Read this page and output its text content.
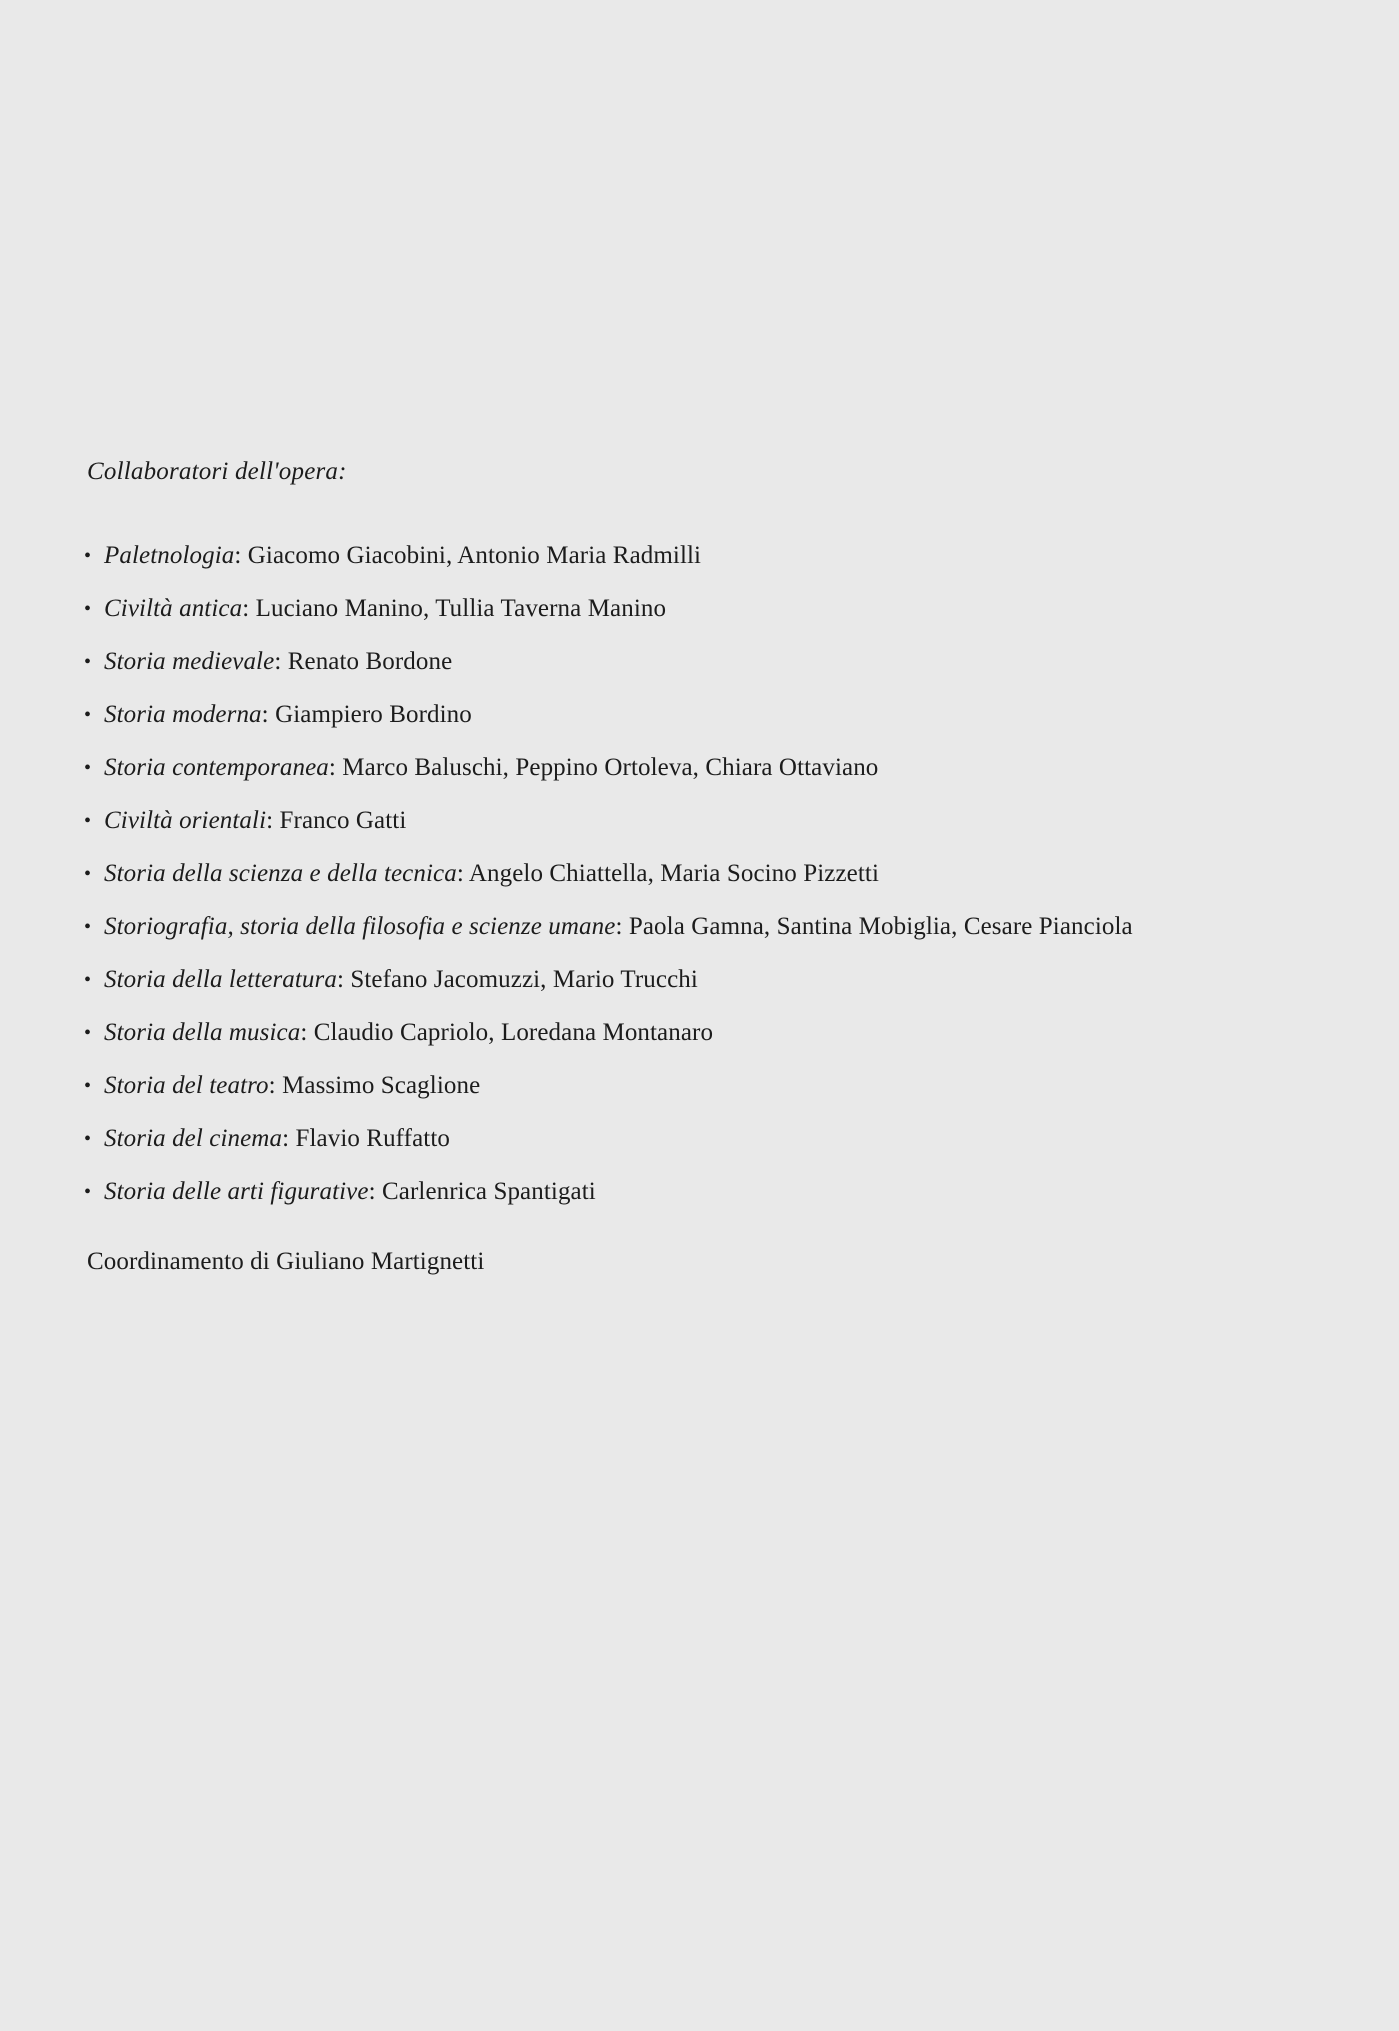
Collaboratori dell'opera:
• Paletnologia: Giacomo Giacobini, Antonio Maria Radmilli
• Civiltà antica: Luciano Manino, Tullia Taverna Manino
• Storia medievale: Renato Bordone
• Storia moderna: Giampiero Bordino
• Storia contemporanea: Marco Baluschi, Peppino Ortoleva, Chiara Ottaviano
• Civiltà orientali: Franco Gatti
• Storia della scienza e della tecnica: Angelo Chiattella, Maria Socino Pizzetti
• Storiografia, storia della filosofia e scienze umane: Paola Gamna, Santina Mobiglia, Cesare Pianciola
• Storia della letteratura: Stefano Jacomuzzi, Mario Trucchi
• Storia della musica: Claudio Capriolo, Loredana Montanaro
• Storia del teatro: Massimo Scaglione
• Storia del cinema: Flavio Ruffatto
• Storia delle arti figurative: Carlenrica Spantigati
Coordinamento di Giuliano Martignetti
